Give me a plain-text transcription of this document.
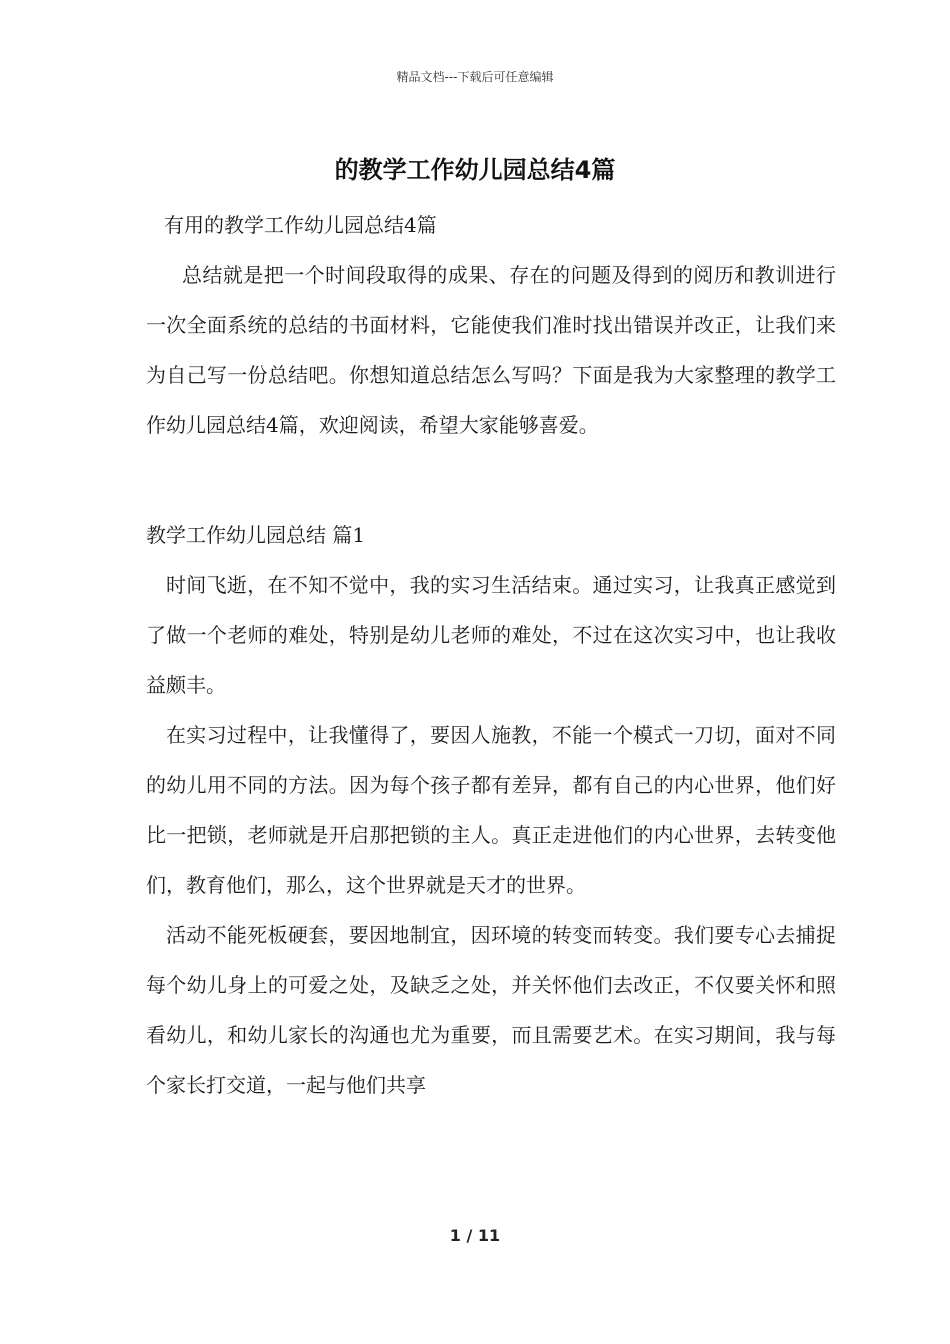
精品文档---下载后可任意编辑
的教学工作幼儿园总结4篇
有用的教学工作幼儿园总结4篇

总结就是把一个时间段取得的成果、存在的问题及得到的阅历和教训进行一次全面系统的总结的书面材料，它能使我们准时找出错误并改正，让我们来为自己写一份总结吧。你想知道总结怎么写吗？下面是我为大家整理的教学工作幼儿园总结4篇，欢迎阅读，希望大家能够喜爱。

教学工作幼儿园总结 篇1

时间飞逝，在不知不觉中，我的实习生活结束。通过实习，让我真正感觉到了做一个老师的难处，特别是幼儿老师的难处，不过在这次实习中，也让我收益颇丰。

在实习过程中，让我懂得了，要因人施教，不能一个模式一刀切，面对不同的幼儿用不同的方法。因为每个孩子都有差异，都有自己的内心世界，他们好比一把锁，老师就是开启那把锁的主人。真正走进他们的内心世界，去转变他们，教育他们，那么，这个世界就是天才的世界。

活动不能死板硬套，要因地制宜，因环境的转变而转变。我们要专心去捕捉每个幼儿身上的可爱之处，及缺乏之处，并关怀他们去改正，不仅要关怀和照看幼儿，和幼儿家长的沟通也尤为重要，而且需要艺术。在实习期间，我与每个家长打交道，一起与他们共享

1 / 11
